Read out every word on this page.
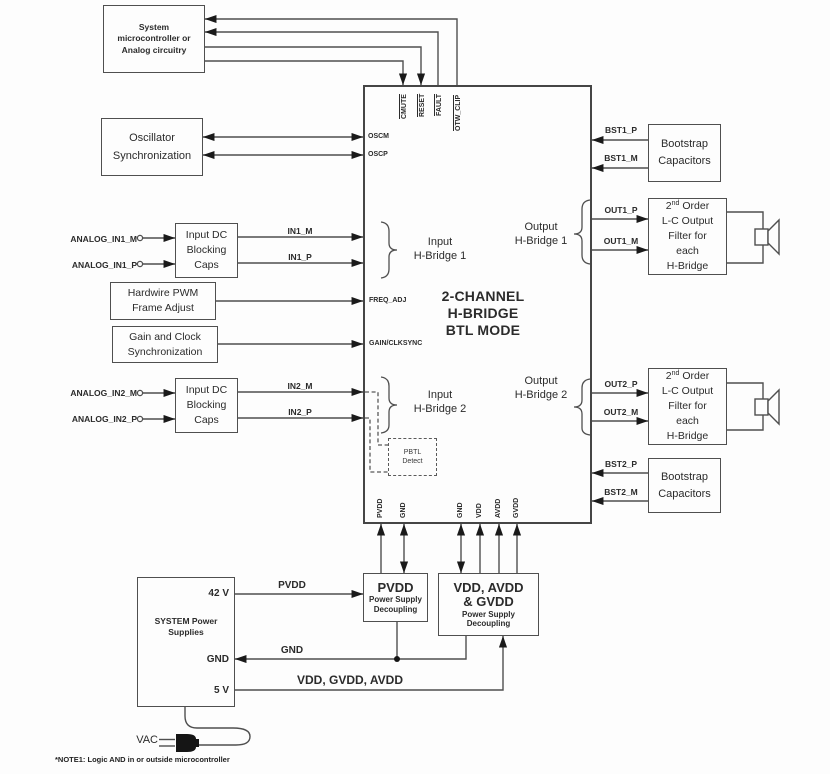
System
microcontroller or
Analog circuitry
Oscillator
Synchronization
Input DC
Blocking
Caps
Hardwire PWM
Frame Adjust
Gain and Clock
Synchronization
Input DC
Blocking
Caps
Bootstrap
Capacitors
2nd Order
L-C Output
Filter for
each
H-Bridge
2nd Order
L-C Output
Filter for
each
H-Bridge
Bootstrap
Capacitors
PVDD
Power Supply
Decoupling
VDD, AVDD
& GVDD
Power Supply
Decoupling
SYSTEM Power
Supplies
42 V
GND
5 V
PBTL
Detect
2-CHANNEL
H-BRIDGE
BTL MODE
Input
H-Bridge 1
Output
H-Bridge 1
Input
H-Bridge 2
Output
H-Bridge 2
CMUTE RESET FAULT OTW_CLIP
OSCM
OSCP
FREQ_ADJ
GAIN/CLKSYNC
PVDD GND	GND VDD AVDD GVDD
ANALOG_IN1_M
ANALOG_IN1_P
ANALOG_IN2_M
ANALOG_IN2_P
IN1_M
IN1_P
IN2_M
IN2_P
BST1_P
BST1_M
OUT1_P
OUT1_M
OUT2_P
OUT2_M
BST2_P
BST2_M
PVDD
GND
VDD, GVDD, AVDD
VAC
*NOTE1: Logic AND in or outside microcontroller
